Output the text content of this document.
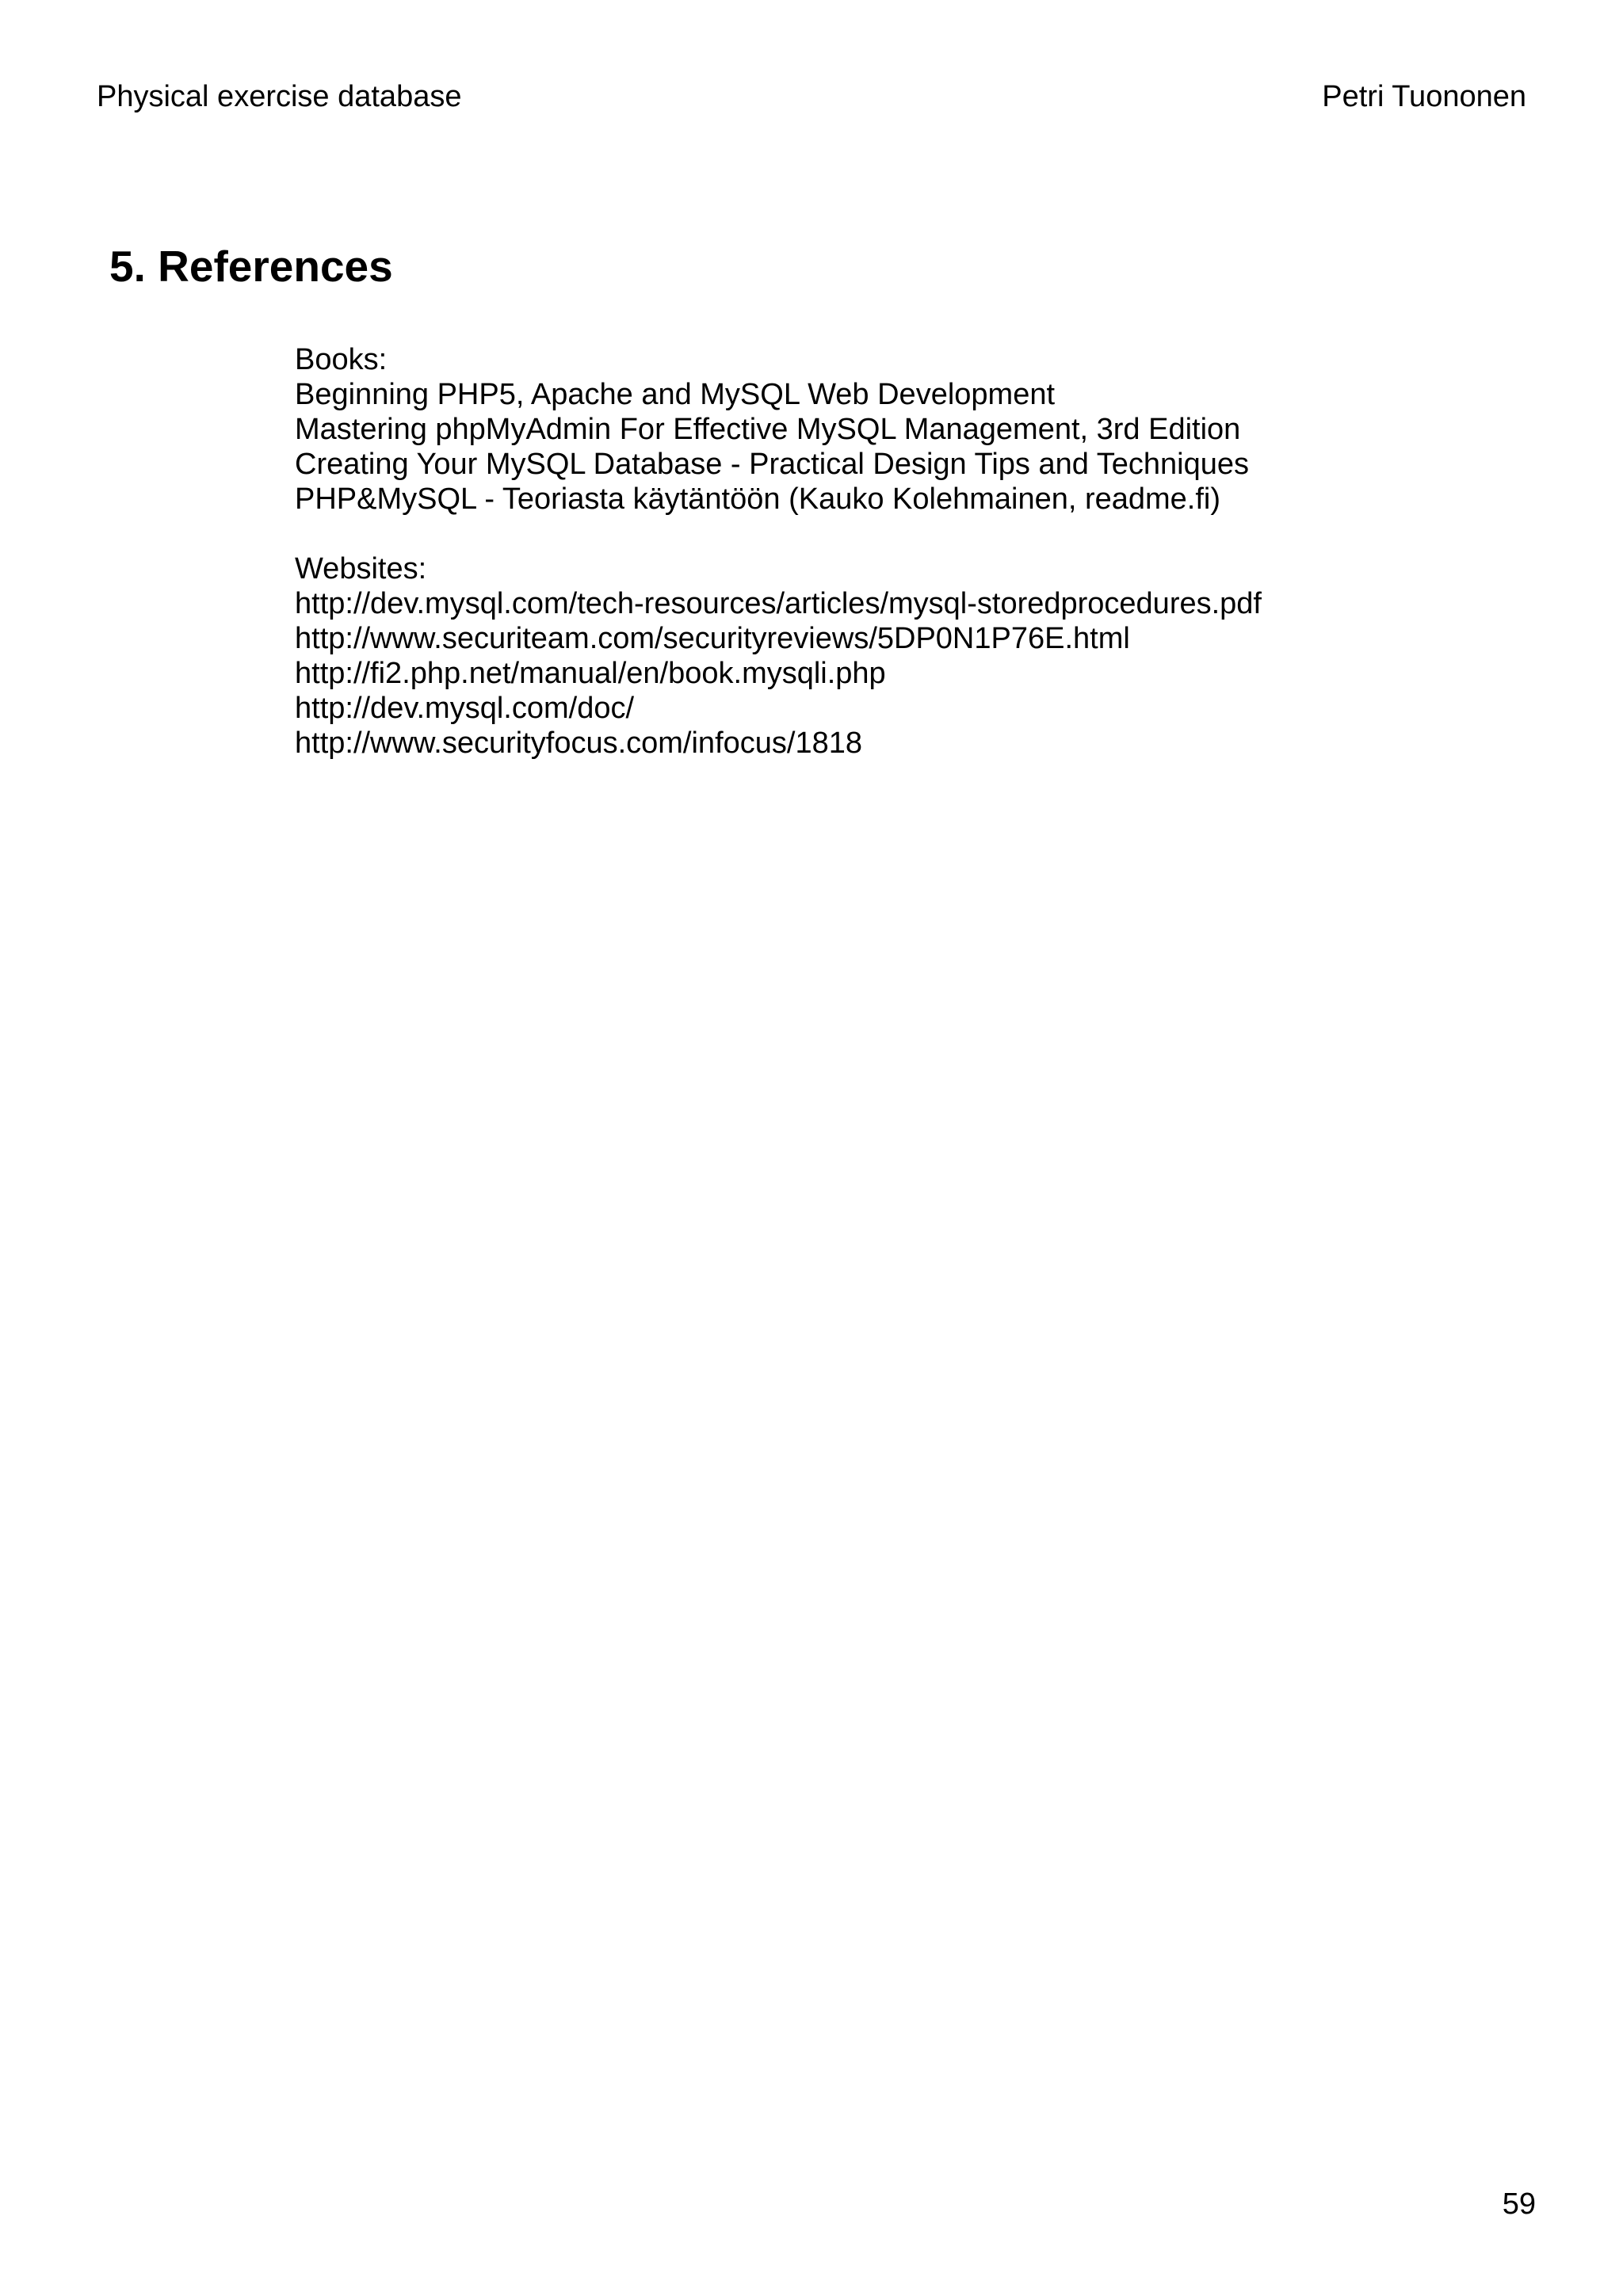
Physical exercise database	Petri Tuononen
5. References
Books:
Beginning PHP5, Apache and MySQL Web Development
Mastering phpMyAdmin For Effective MySQL Management, 3rd Edition
Creating Your MySQL Database - Practical Design Tips and Techniques
PHP&MySQL - Teoriasta käytäntöön (Kauko Kolehmainen, readme.fi)
Websites:
http://dev.mysql.com/tech-resources/articles/mysql-storedprocedures.pdf
http://www.securiteam.com/securityreviews/5DP0N1P76E.html
http://fi2.php.net/manual/en/book.mysqli.php
http://dev.mysql.com/doc/
http://www.securityfocus.com/infocus/1818
59
